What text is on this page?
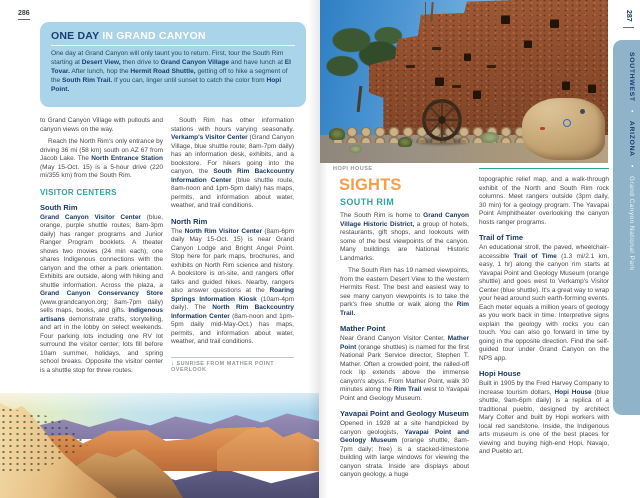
286
ONE DAY IN GRAND CANYON
One day at Grand Canyon will only taunt you to return. First, tour the South Rim starting at Desert View, then drive to Grand Canyon Village and have lunch at El Tovar. After lunch, hop the Hermit Road Shuttle, getting off to hike a segment of the South Rim Trail. If you can, linger until sunset to catch the color from Hopi Point.

to Grand Canyon Village with pullouts and canyon views on the way.

Reach the North Rim's only entrance by driving 36 mi (58 km) south on AZ 67 from Jacob Lake. The North Entrance Station (May 15-Oct. 15) is a 5-hour drive (220 mi/355 km) from the South Rim.

VISITOR CENTERS
South Rim

Grand Canyon Visitor Center (blue, orange, purple shuttle routes; 8am-3pm daily) has ranger programs and Junior Ranger Program booklets. A theater shows two movies (24 min each); one shares Indigenous connections with the canyon and the other a park orientation. Exhibits are outside, along with hiking and shuttle information. Across the plaza, a Grand Canyon Conservancy Store (www.grandcanyon.org; 8am-7pm daily) sells maps, books, and gifts. Indigenous artisans demonstrate crafts, storytelling, and art in the lobby on select weekends. Four parking lots including one RV lot surround the visitor center; lots fill before 10am summer, holidays, and spring school breaks. Opposite the visitor center is a shuttle stop for three routes.

South Rim has other information stations with hours varying seasonally. Verkamp's Visitor Center (Grand Canyon Village, blue shuttle route; 8am-7pm daily) has an information desk, exhibits, and a bookstore. For hikers going into the canyon, the South Rim Backcountry Information Center (blue shuttle route, 8am-noon and 1pm-5pm daily) has maps, permits, and information about water, weather, and trail conditions.

North Rim

The North Rim Visitor Center (8am-6pm daily May 15-Oct. 15) is near Grand Canyon Lodge and Bright Angel Point. Stop here for park maps, brochures, and exhibits on North Rim science and history. A bookstore is on-site, and rangers offer talks and guided hikes. Nearby, rangers also answer questions at the Roaring Springs Information Kiosk (10am-4pm daily). The North Rim Backcountry Information Center (8am-noon and 1pm-5pm daily mid-May-Oct.) has maps, permits, and information about water, weather, and trail conditions.

↓ SUNRISE FROM MATHER POINT OVERLOOK
HOPI HOUSE
SIGHTS
SOUTH RIM

The South Rim is home to Grand Canyon Village Historic District, a group of hotels, restaurants, gift shops, and lookouts with some of the best viewpoints of the canyon. Many buildings are National Historic Landmarks.

The South Rim has 19 named viewpoints, from the eastern Desert View to the western Hermits Rest. The best and easiest way to see many canyon viewpoints is to take the park's free shuttle or walk along the Rim Trail.

Mather Point

Near Grand Canyon Visitor Center, Mather Point (orange shuttles) is named for the first National Park Service director, Stephen T. Mather. Often a crowded point, the railed-off rock lip extends above the immense canyon's abyss. From Mather Point, walk 30 minutes along the Rim Trail west to Yavapai Point and Geology Museum.

Yavapai Point and Geology Museum

Opened in 1928 at a site handpicked by canyon geologists, Yavapai Point and Geology Museum (orange shuttle, 8am-7pm daily; free) is a stacked-limestone building with large windows for viewing the canyon strata. Inside are displays about canyon geology, a huge

topographic relief map, and a walk-through exhibit of the North and South Rim rock columns. Meet rangers outside (3pm daily, 30 min) for a geology program. The Yavapai Point Amphitheater overlooking the canyon hosts ranger programs.

Trail of Time

An educational stroll, the paved, wheelchair-accessible Trail of Time (1.3 mi/2.1 km, easy, 1 hr) along the canyon rim starts at Yavapai Point and Geology Museum (orange shuttle) and goes west to Verkamp's Visitor Center (blue shuttle). It's a great way to wrap your head around such earth-forming events. Each meter equals a million years of geology as you work back in time. Interpretive signs explain the geology with rocks you can touch. You can also go forward in time by going in the opposite direction. Find the self-guided tour under Grand Canyon on the NPS app.

Hopi House

Built in 1905 by the Fred Harvey Company to increase tourism dollars, Hopi House (blue shuttle, 9am-6pm daily) is a replica of a traditional pueblo, designed by architect Mary Colter and built by Hopi workers with local red sandstone. Inside, the Indigenous arts museum is one of the best places for viewing and buying high-end Hopi, Navajo, and Pueblo art.

287
SOUTHWEST • ARIZONA • Grand Canyon National Park
